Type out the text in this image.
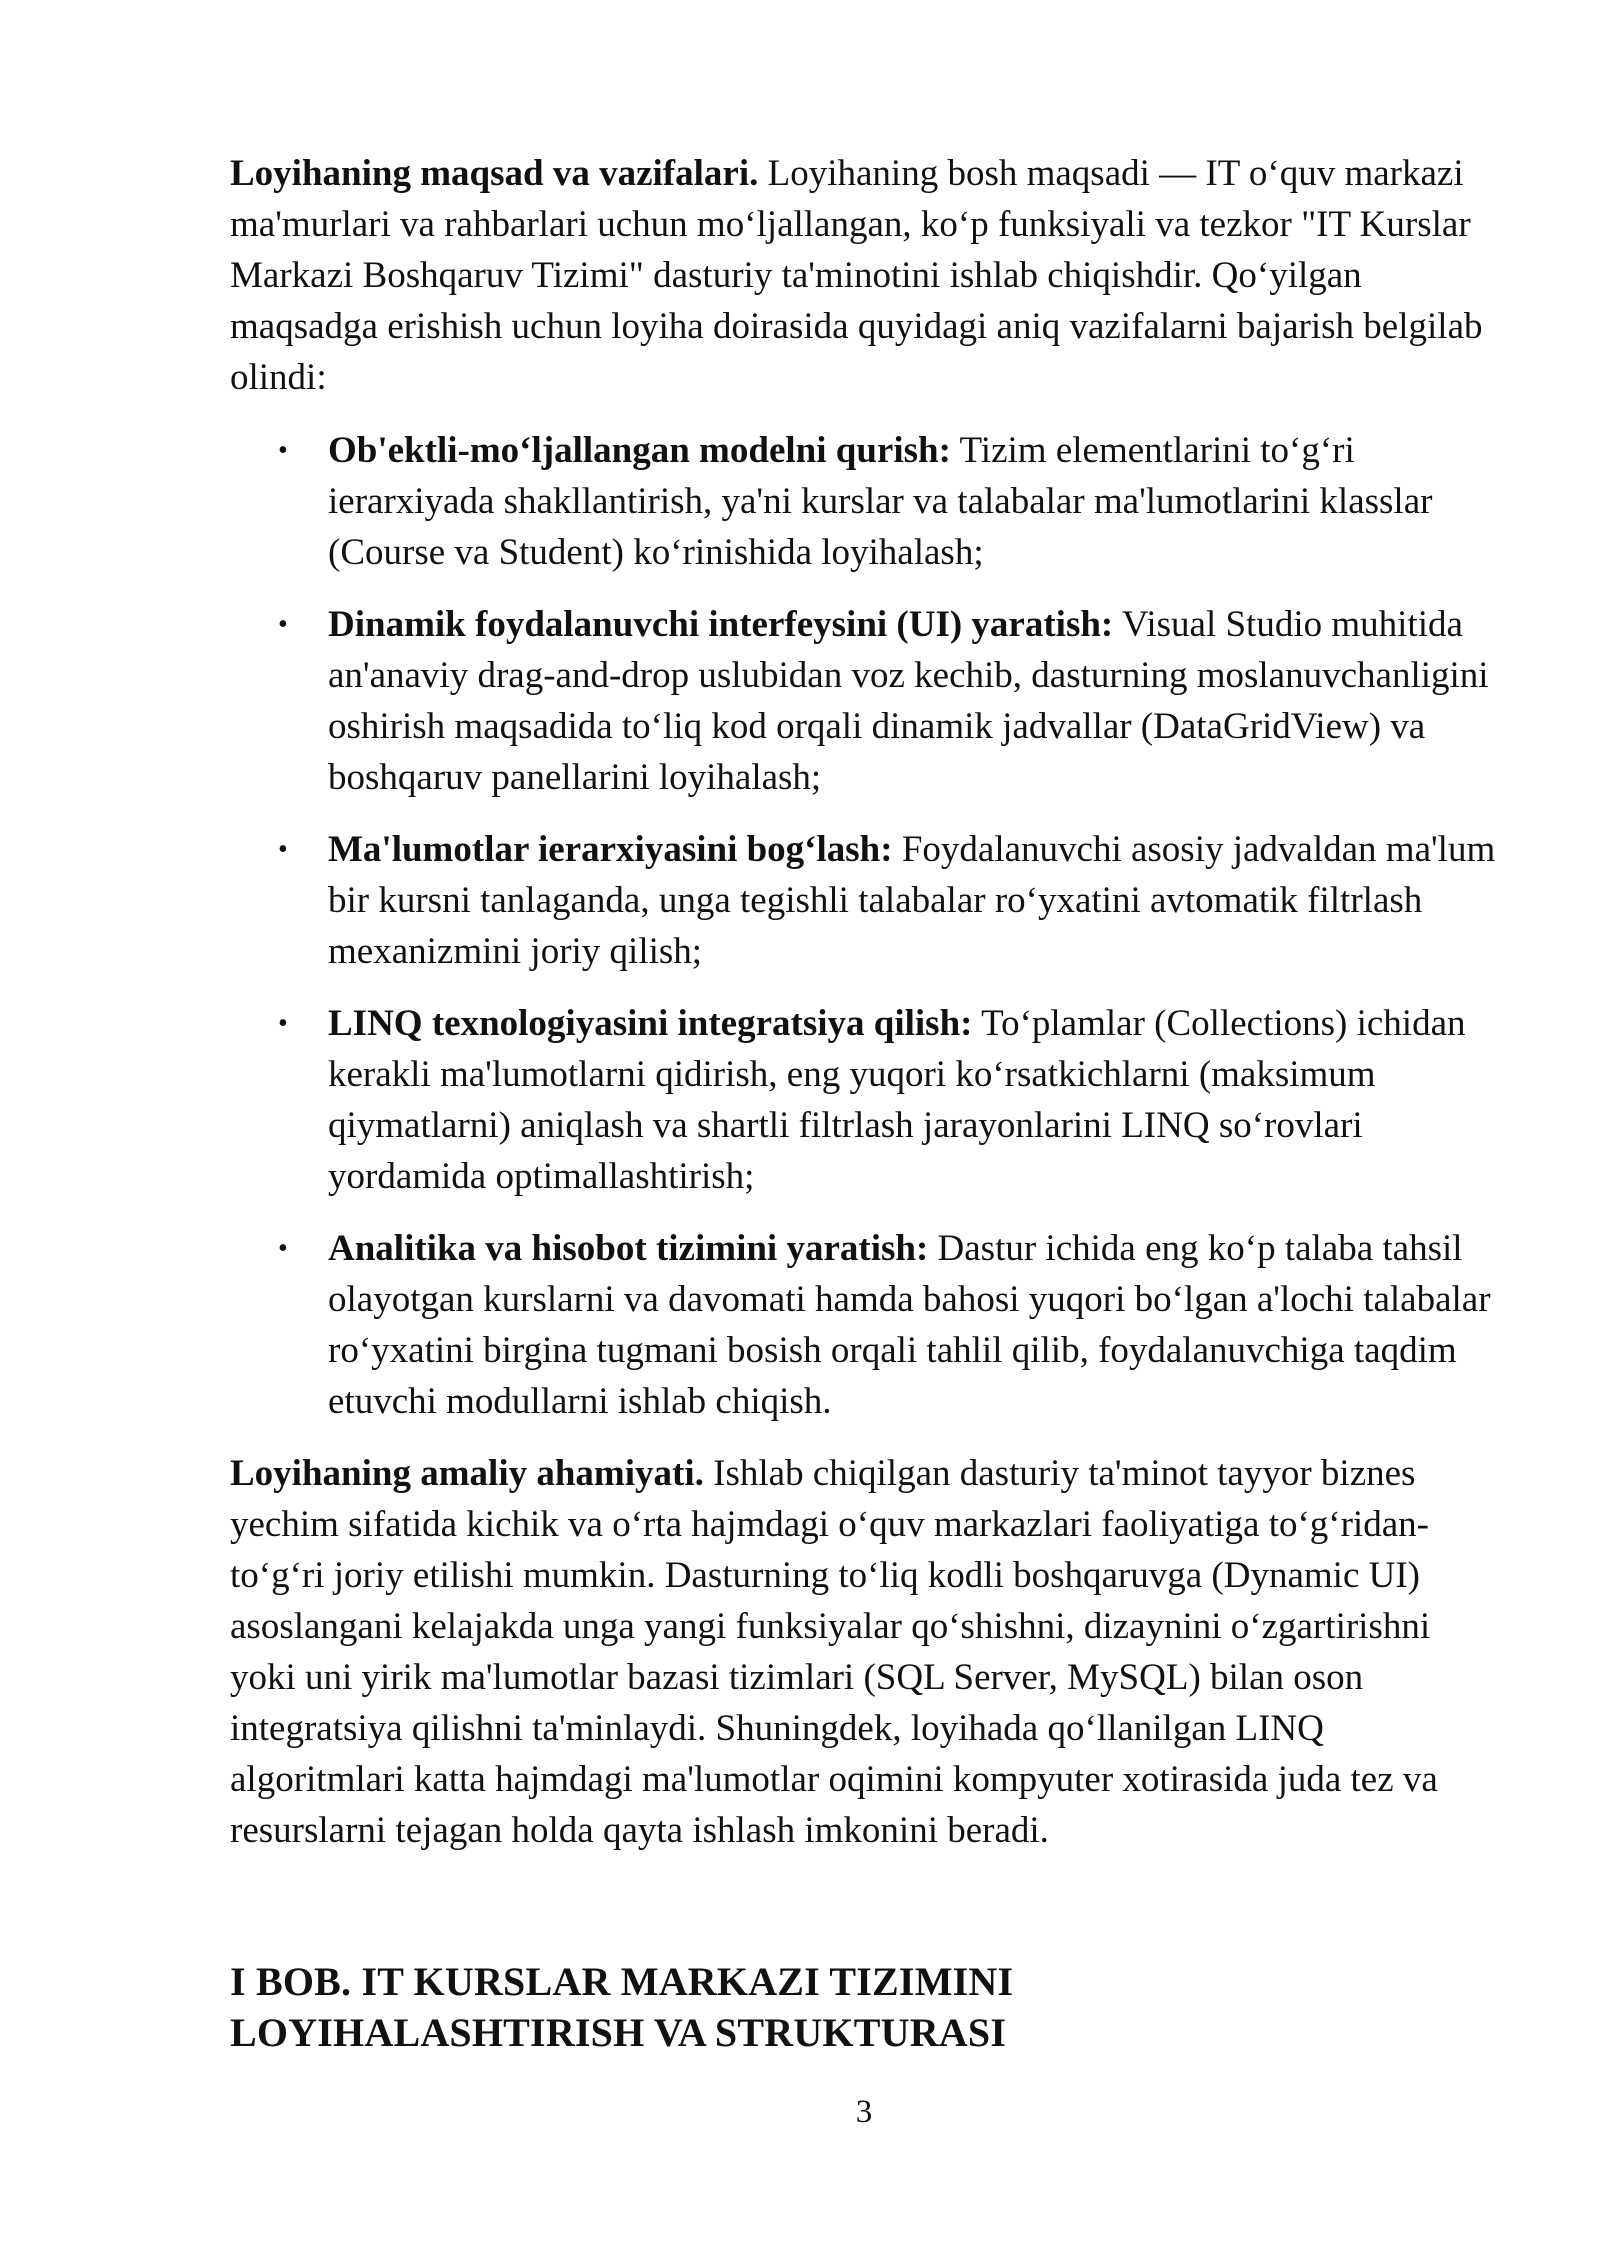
Loyihaning maqsad va vazifalari. Loyihaning bosh maqsadi — IT o‘quv markazi ma'murlari va rahbarlari uchun mo‘ljallangan, ko‘p funksiyali va tezkor "IT Kurslar Markazi Boshqaruv Tizimi" dasturiy ta'minotini ishlab chiqishdir. Qo‘yilgan maqsadga erishish uchun loyiha doirasida quyidagi aniq vazifalarni bajarish belgilab olindi:

• Ob'ektli-mo‘ljallangan modelni qurish: Tizim elementlarini to‘g‘ri ierarxiyada shakllantirish, ya'ni kurslar va talabalar ma'lumotlarini klasslar (Course va Student) ko‘rinishida loyihalash;
• Dinamik foydalanuvchi interfeysini (UI) yaratish: Visual Studio muhitida an'anaviy drag-and-drop uslubidan voz kechib, dasturning moslanuvchanligini oshirish maqsadida to‘liq kod orqali dinamik jadvallar (DataGridView) va boshqaruv panellarini loyihalash;
• Ma'lumotlar ierarxiyasini bog‘lash: Foydalanuvchi asosiy jadvaldan ma'lum bir kursni tanlaganda, unga tegishli talabalar ro‘yxatini avtomatik filtrlash mexanizmini joriy qilish;
• LINQ texnologiyasini integratsiya qilish: To‘plamlar (Collections) ichidan kerakli ma'lumotlarni qidirish, eng yuqori ko‘rsatkichlarni (maksimum qiymatlarni) aniqlash va shartli filtrlash jarayonlarini LINQ so‘rovlari yordamida optimallashtirish;
• Analitika va hisobot tizimini yaratish: Dastur ichida eng ko‘p talaba tahsil olayotgan kurslarni va davomati hamda bahosi yuqori bo‘lgan a'lochi talabalar ro‘yxatini birgina tugmani bosish orqali tahlil qilib, foydalanuvchiga taqdim etuvchi modullarni ishlab chiqish.

Loyihaning amaliy ahamiyati. Ishlab chiqilgan dasturiy ta'minot tayyor biznes yechim sifatida kichik va o‘rta hajmdagi o‘quv markazlari faoliyatiga to‘g‘ridan-to‘g‘ri joriy etilishi mumkin. Dasturning to‘liq kodli boshqaruvga (Dynamic UI) asoslangani kelajakda unga yangi funksiyalar qo‘shishni, dizaynini o‘zgartirishni yoki uni yirik ma'lumotlar bazasi tizimlari (SQL Server, MySQL) bilan oson integratsiya qilishni ta'minlaydi. Shuningdek, loyihada qo‘llanilgan LINQ algoritmlari katta hajmdagi ma'lumotlar oqimini kompyuter xotirasida juda tez va resurslarni tejagan holda qayta ishlash imkonini beradi.

I BOB. IT KURSLAR MARKAZI TIZIMINI
LOYIHALASHTIRISH VA STRUKTURASI
3
